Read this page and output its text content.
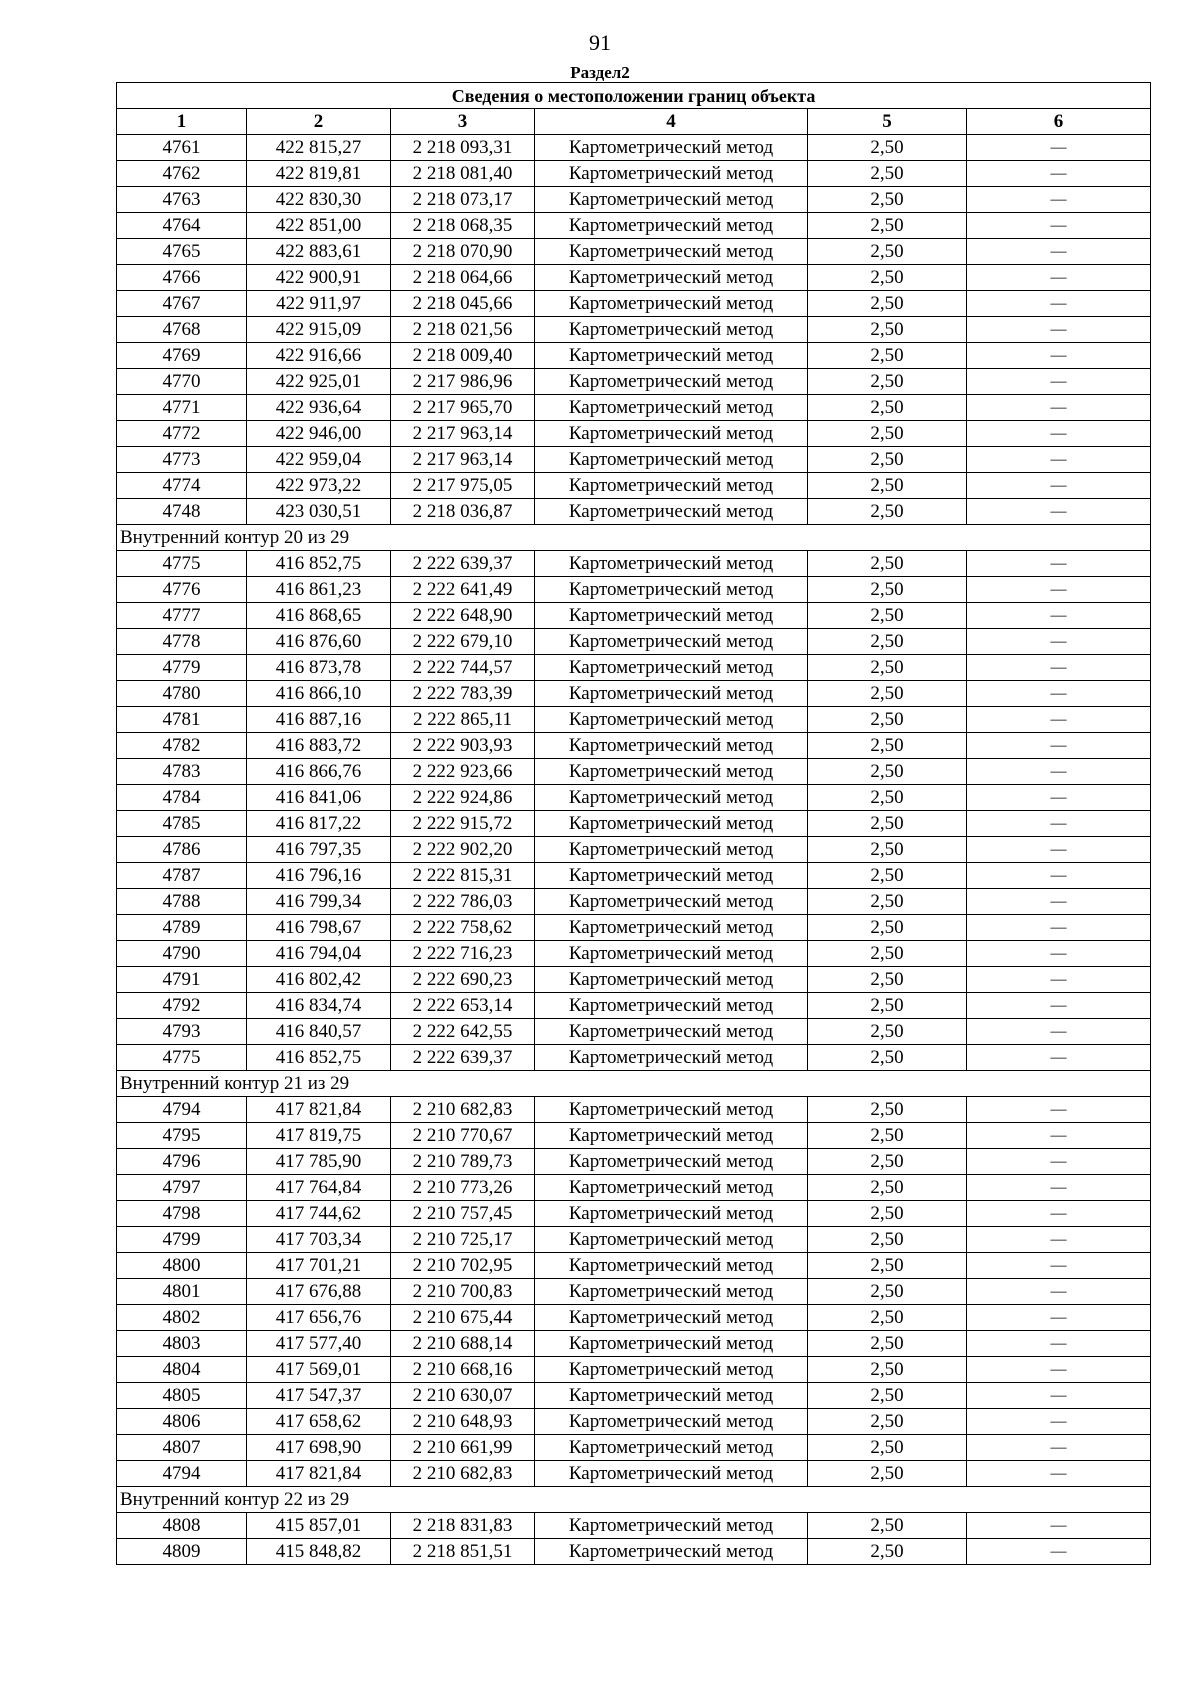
91
Раздел2
Сведения о местоположении границ объекта					
1	2	3	4	5	6
4761	422 815,27	2 218 093,31	Картометрический метод	2,50	—
4762	422 819,81	2 218 081,40	Картометрический метод	2,50	—
4763	422 830,30	2 218 073,17	Картометрический метод	2,50	—
4764	422 851,00	2 218 068,35	Картометрический метод	2,50	—
4765	422 883,61	2 218 070,90	Картометрический метод	2,50	—
4766	422 900,91	2 218 064,66	Картометрический метод	2,50	—
4767	422 911,97	2 218 045,66	Картометрический метод	2,50	—
4768	422 915,09	2 218 021,56	Картометрический метод	2,50	—
4769	422 916,66	2 218 009,40	Картометрический метод	2,50	—
4770	422 925,01	2 217 986,96	Картометрический метод	2,50	—
4771	422 936,64	2 217 965,70	Картометрический метод	2,50	—
4772	422 946,00	2 217 963,14	Картометрический метод	2,50	—
4773	422 959,04	2 217 963,14	Картометрический метод	2,50	—
4774	422 973,22	2 217 975,05	Картометрический метод	2,50	—
4748	423 030,51	2 218 036,87	Картометрический метод	2,50	—
Внутренний контур 20 из 29					
4775	416 852,75	2 222 639,37	Картометрический метод	2,50	—
4776	416 861,23	2 222 641,49	Картометрический метод	2,50	—
4777	416 868,65	2 222 648,90	Картометрический метод	2,50	—
4778	416 876,60	2 222 679,10	Картометрический метод	2,50	—
4779	416 873,78	2 222 744,57	Картометрический метод	2,50	—
4780	416 866,10	2 222 783,39	Картометрический метод	2,50	—
4781	416 887,16	2 222 865,11	Картометрический метод	2,50	—
4782	416 883,72	2 222 903,93	Картометрический метод	2,50	—
4783	416 866,76	2 222 923,66	Картометрический метод	2,50	—
4784	416 841,06	2 222 924,86	Картометрический метод	2,50	—
4785	416 817,22	2 222 915,72	Картометрический метод	2,50	—
4786	416 797,35	2 222 902,20	Картометрический метод	2,50	—
4787	416 796,16	2 222 815,31	Картометрический метод	2,50	—
4788	416 799,34	2 222 786,03	Картометрический метод	2,50	—
4789	416 798,67	2 222 758,62	Картометрический метод	2,50	—
4790	416 794,04	2 222 716,23	Картометрический метод	2,50	—
4791	416 802,42	2 222 690,23	Картометрический метод	2,50	—
4792	416 834,74	2 222 653,14	Картометрический метод	2,50	—
4793	416 840,57	2 222 642,55	Картометрический метод	2,50	—
4775	416 852,75	2 222 639,37	Картометрический метод	2,50	—
Внутренний контур 21 из 29					
4794	417 821,84	2 210 682,83	Картометрический метод	2,50	—
4795	417 819,75	2 210 770,67	Картометрический метод	2,50	—
4796	417 785,90	2 210 789,73	Картометрический метод	2,50	—
4797	417 764,84	2 210 773,26	Картометрический метод	2,50	—
4798	417 744,62	2 210 757,45	Картометрический метод	2,50	—
4799	417 703,34	2 210 725,17	Картометрический метод	2,50	—
4800	417 701,21	2 210 702,95	Картометрический метод	2,50	—
4801	417 676,88	2 210 700,83	Картометрический метод	2,50	—
4802	417 656,76	2 210 675,44	Картометрический метод	2,50	—
4803	417 577,40	2 210 688,14	Картометрический метод	2,50	—
4804	417 569,01	2 210 668,16	Картометрический метод	2,50	—
4805	417 547,37	2 210 630,07	Картометрический метод	2,50	—
4806	417 658,62	2 210 648,93	Картометрический метод	2,50	—
4807	417 698,90	2 210 661,99	Картометрический метод	2,50	—
4794	417 821,84	2 210 682,83	Картометрический метод	2,50	—
Внутренний контур 22 из 29					
4808	415 857,01	2 218 831,83	Картометрический метод	2,50	—
4809	415 848,82	2 218 851,51	Картометрический метод	2,50	—
